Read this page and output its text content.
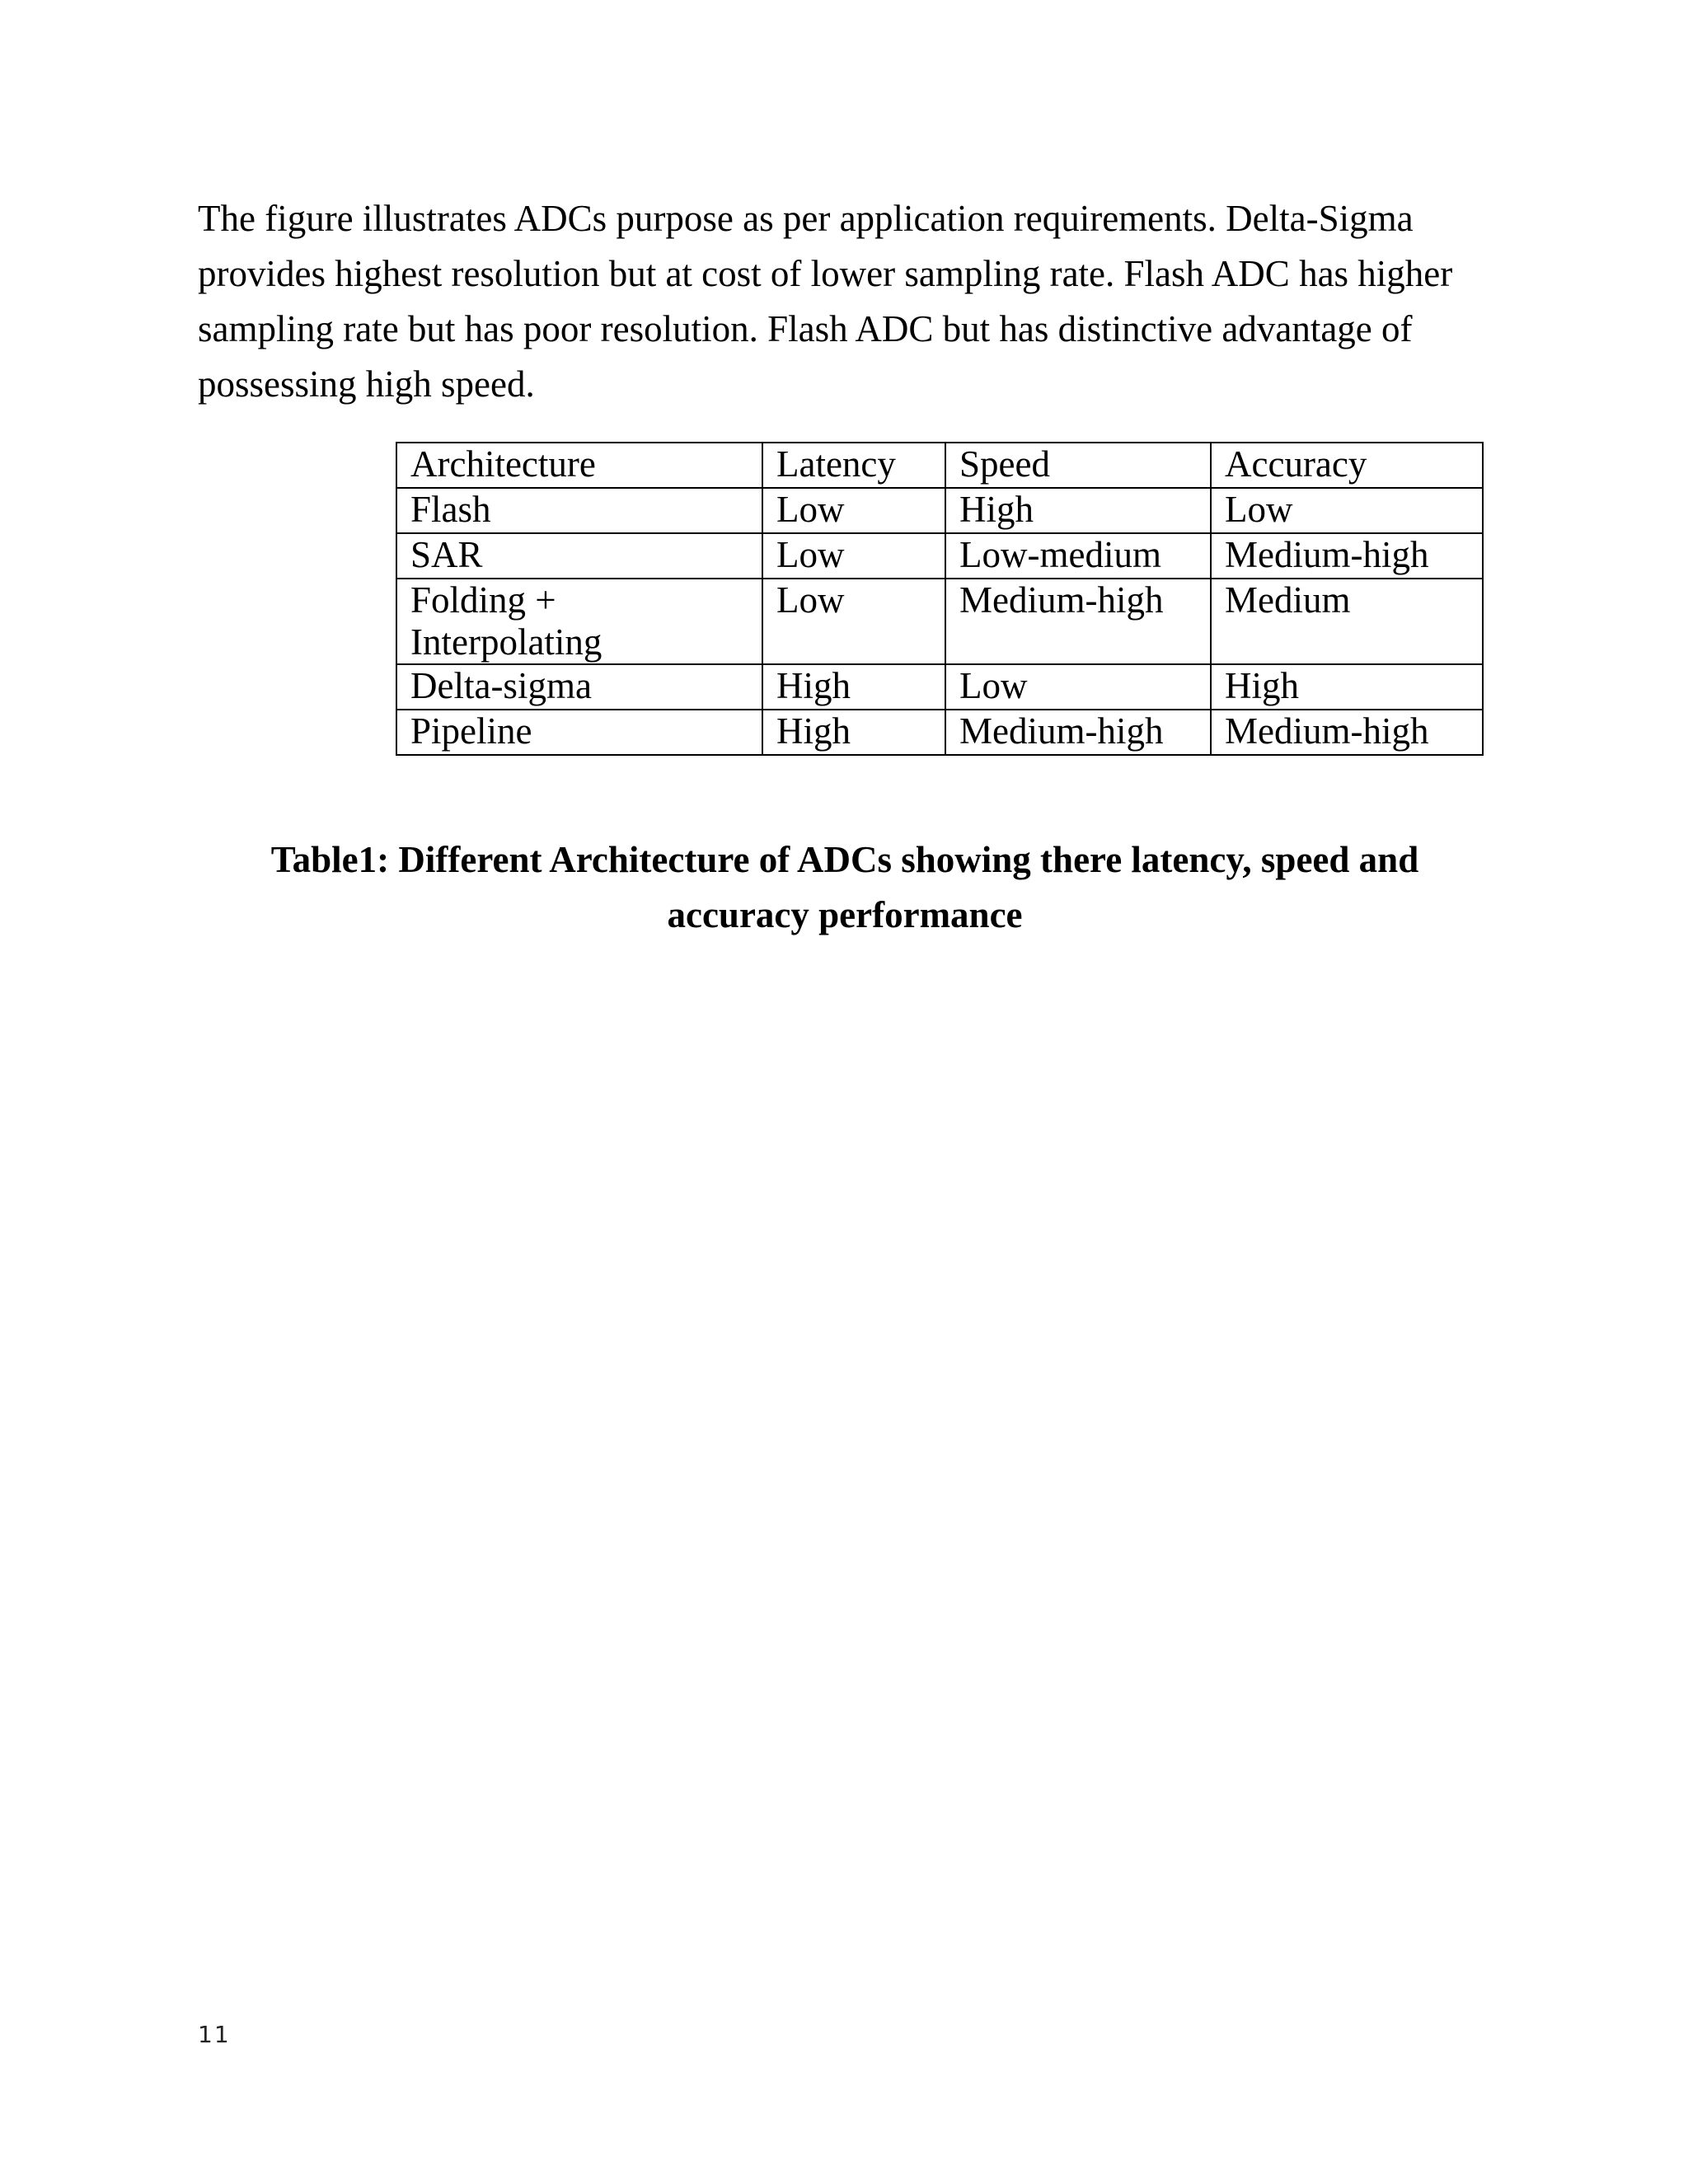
The figure illustrates ADCs purpose as per application requirements. Delta-Sigma provides highest resolution but at cost of lower sampling rate. Flash ADC has higher sampling rate but has poor resolution. Flash ADC but has distinctive advantage of possessing high speed.

Architecture	Latency	Speed	Accuracy
Flash	Low	High	Low
SAR	Low	Low-medium	Medium-high
Folding + Interpolating	Low	Medium-high	Medium
Delta-sigma	High	Low	High
Pipeline	High	Medium-high	Medium-high

Table1: Different Architecture of ADCs showing there latency, speed and accuracy performance

11
